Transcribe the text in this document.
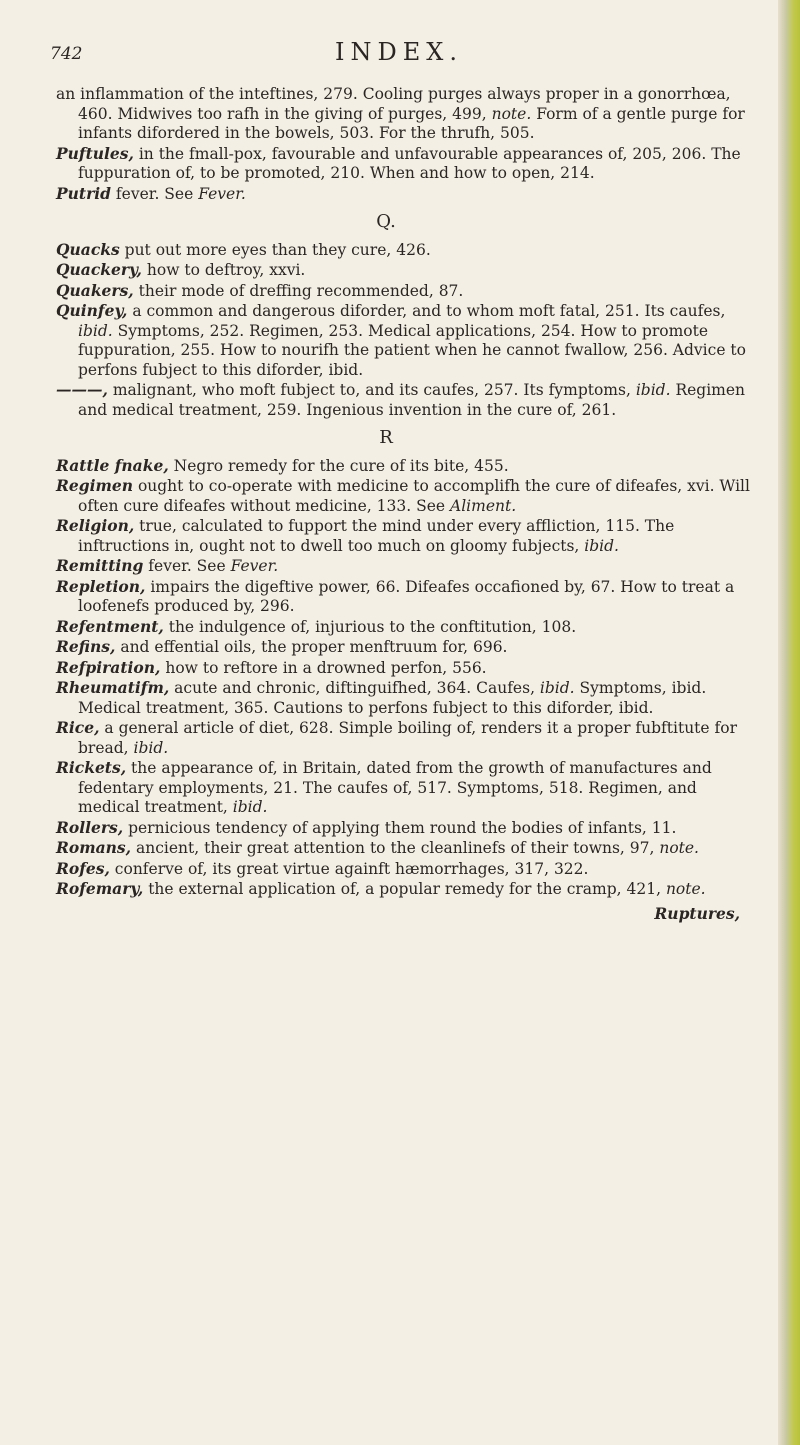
742	INDEX.

an inflammation of the inteftines, 279. Cooling purges always proper in a gonorrhœa, 460. Midwives too rafh in the giving of purges, 499, note. Form of a gentle purge for infants difordered in the bowels, 503. For the thrufh, 505.

Puftules, in the fmall-pox, favourable and unfavourable appearances of, 205, 206. The fuppuration of, to be promoted, 210. When and how to open, 214.

Putrid fever. See Fever.

Q.

Quacks put out more eyes than they cure, 426.

Quackery, how to deftroy, xxvi.

Quakers, their mode of dreffing recommended, 87.

Quinfey, a common and dangerous diforder, and to whom moft fatal, 251. Its caufes, ibid. Symptoms, 252. Regimen, 253. Medical applications, 254. How to promote fuppuration, 255. How to nourifh the patient when he cannot fwallow, 256. Advice to perfons fubject to this diforder, ibid.

———, malignant, who moft fubject to, and its caufes, 257. Its fymptoms, ibid. Regimen and medical treatment, 259. Ingenious invention in the cure of, 261.

R

Rattle fnake, Negro remedy for the cure of its bite, 455.

Regimen ought to co-operate with medicine to accomplifh the cure of difeafes, xvi. Will often cure difeafes without medicine, 133. See Aliment.

Religion, true, calculated to fupport the mind under every affliction, 115. The inftructions in, ought not to dwell too much on gloomy fubjects, ibid.

Remitting fever. See Fever.

Repletion, impairs the digeftive power, 66. Difeafes occafioned by, 67. How to treat a loofenefs produced by, 296.

Refentment, the indulgence of, injurious to the conftitution, 108.

Refins, and effential oils, the proper menftruum for, 696.

Refpiration, how to reftore in a drowned perfon, 556.

Rheumatifm, acute and chronic, diftinguifhed, 364. Caufes, ibid. Symptoms, ibid. Medical treatment, 365. Cautions to perfons fubject to this diforder, ibid.

Rice, a general article of diet, 628. Simple boiling of, renders it a proper fubftitute for bread, ibid.

Rickets, the appearance of, in Britain, dated from the growth of manufactures and fedentary employments, 21. The caufes of, 517. Symptoms, 518. Regimen, and medical treatment, ibid.

Rollers, pernicious tendency of applying them round the bodies of infants, 11.

Romans, ancient, their great attention to the cleanlinefs of their towns, 97, note.

Rofes, conferve of, its great virtue againft hæmorrhages, 317, 322.

Rofemary, the external application of, a popular remedy for the cramp, 421, note.

Ruptures,
